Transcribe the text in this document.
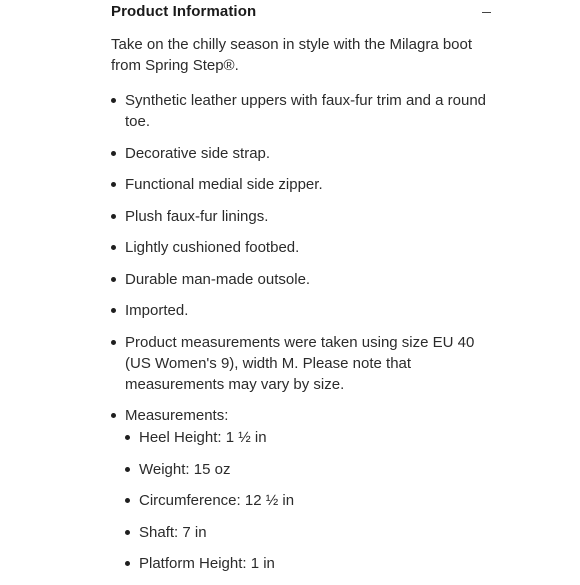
Product Information
Take on the chilly season in style with the Milagra boot from Spring Step®.
Synthetic leather uppers with faux-fur trim and a round toe.
Decorative side strap.
Functional medial side zipper.
Plush faux-fur linings.
Lightly cushioned footbed.
Durable man-made outsole.
Imported.
Product measurements were taken using size EU 40 (US Women's 9), width M. Please note that measurements may vary by size.
Measurements:
Heel Height: 1 ½ in
Weight: 15 oz
Circumference: 12 ½ in
Shaft: 7 in
Platform Height: 1 in
